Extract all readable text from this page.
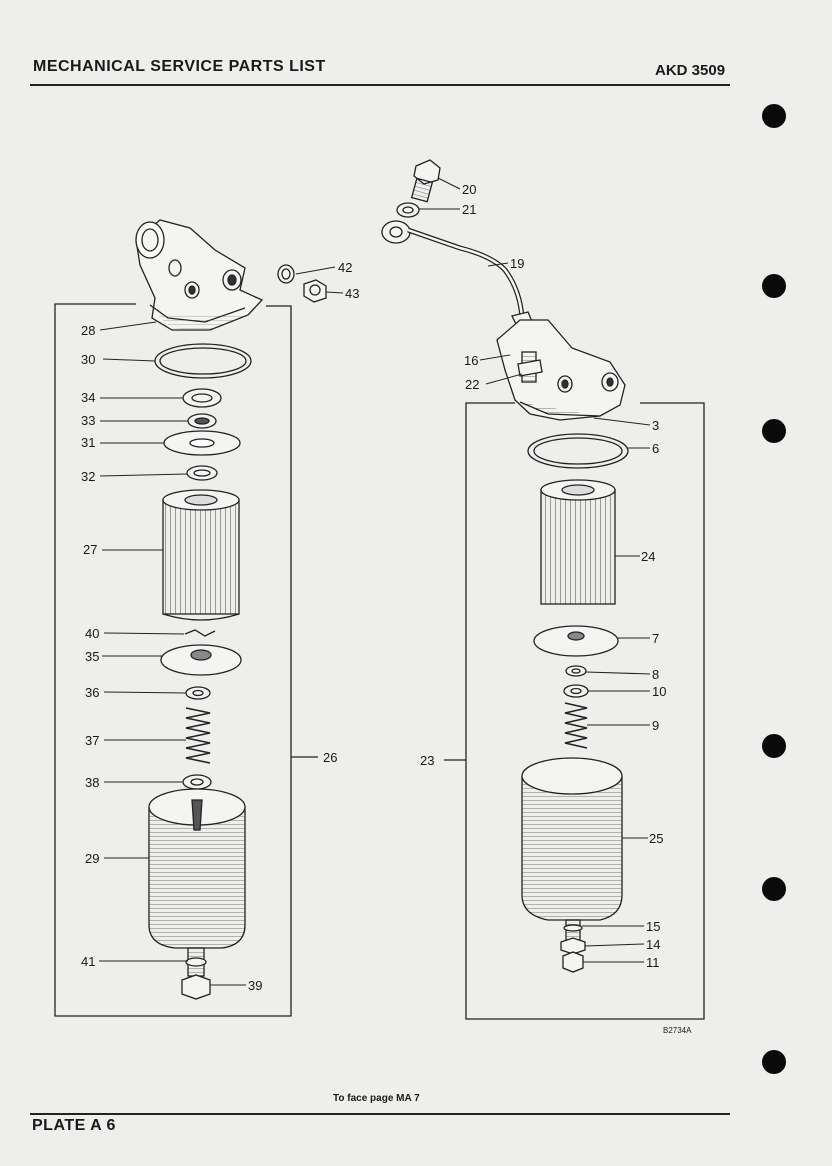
MECHANICAL SERVICE PARTS LIST	AKD 3509
28
30
34
33
31
32
27
40
35
36
37
38
29
41
39
26
42
43
20
21
19
16
22
3
6
24
7
8
10
9
23
25
15
14
11
B2734A
To face page MA 7
PLATE A 6
